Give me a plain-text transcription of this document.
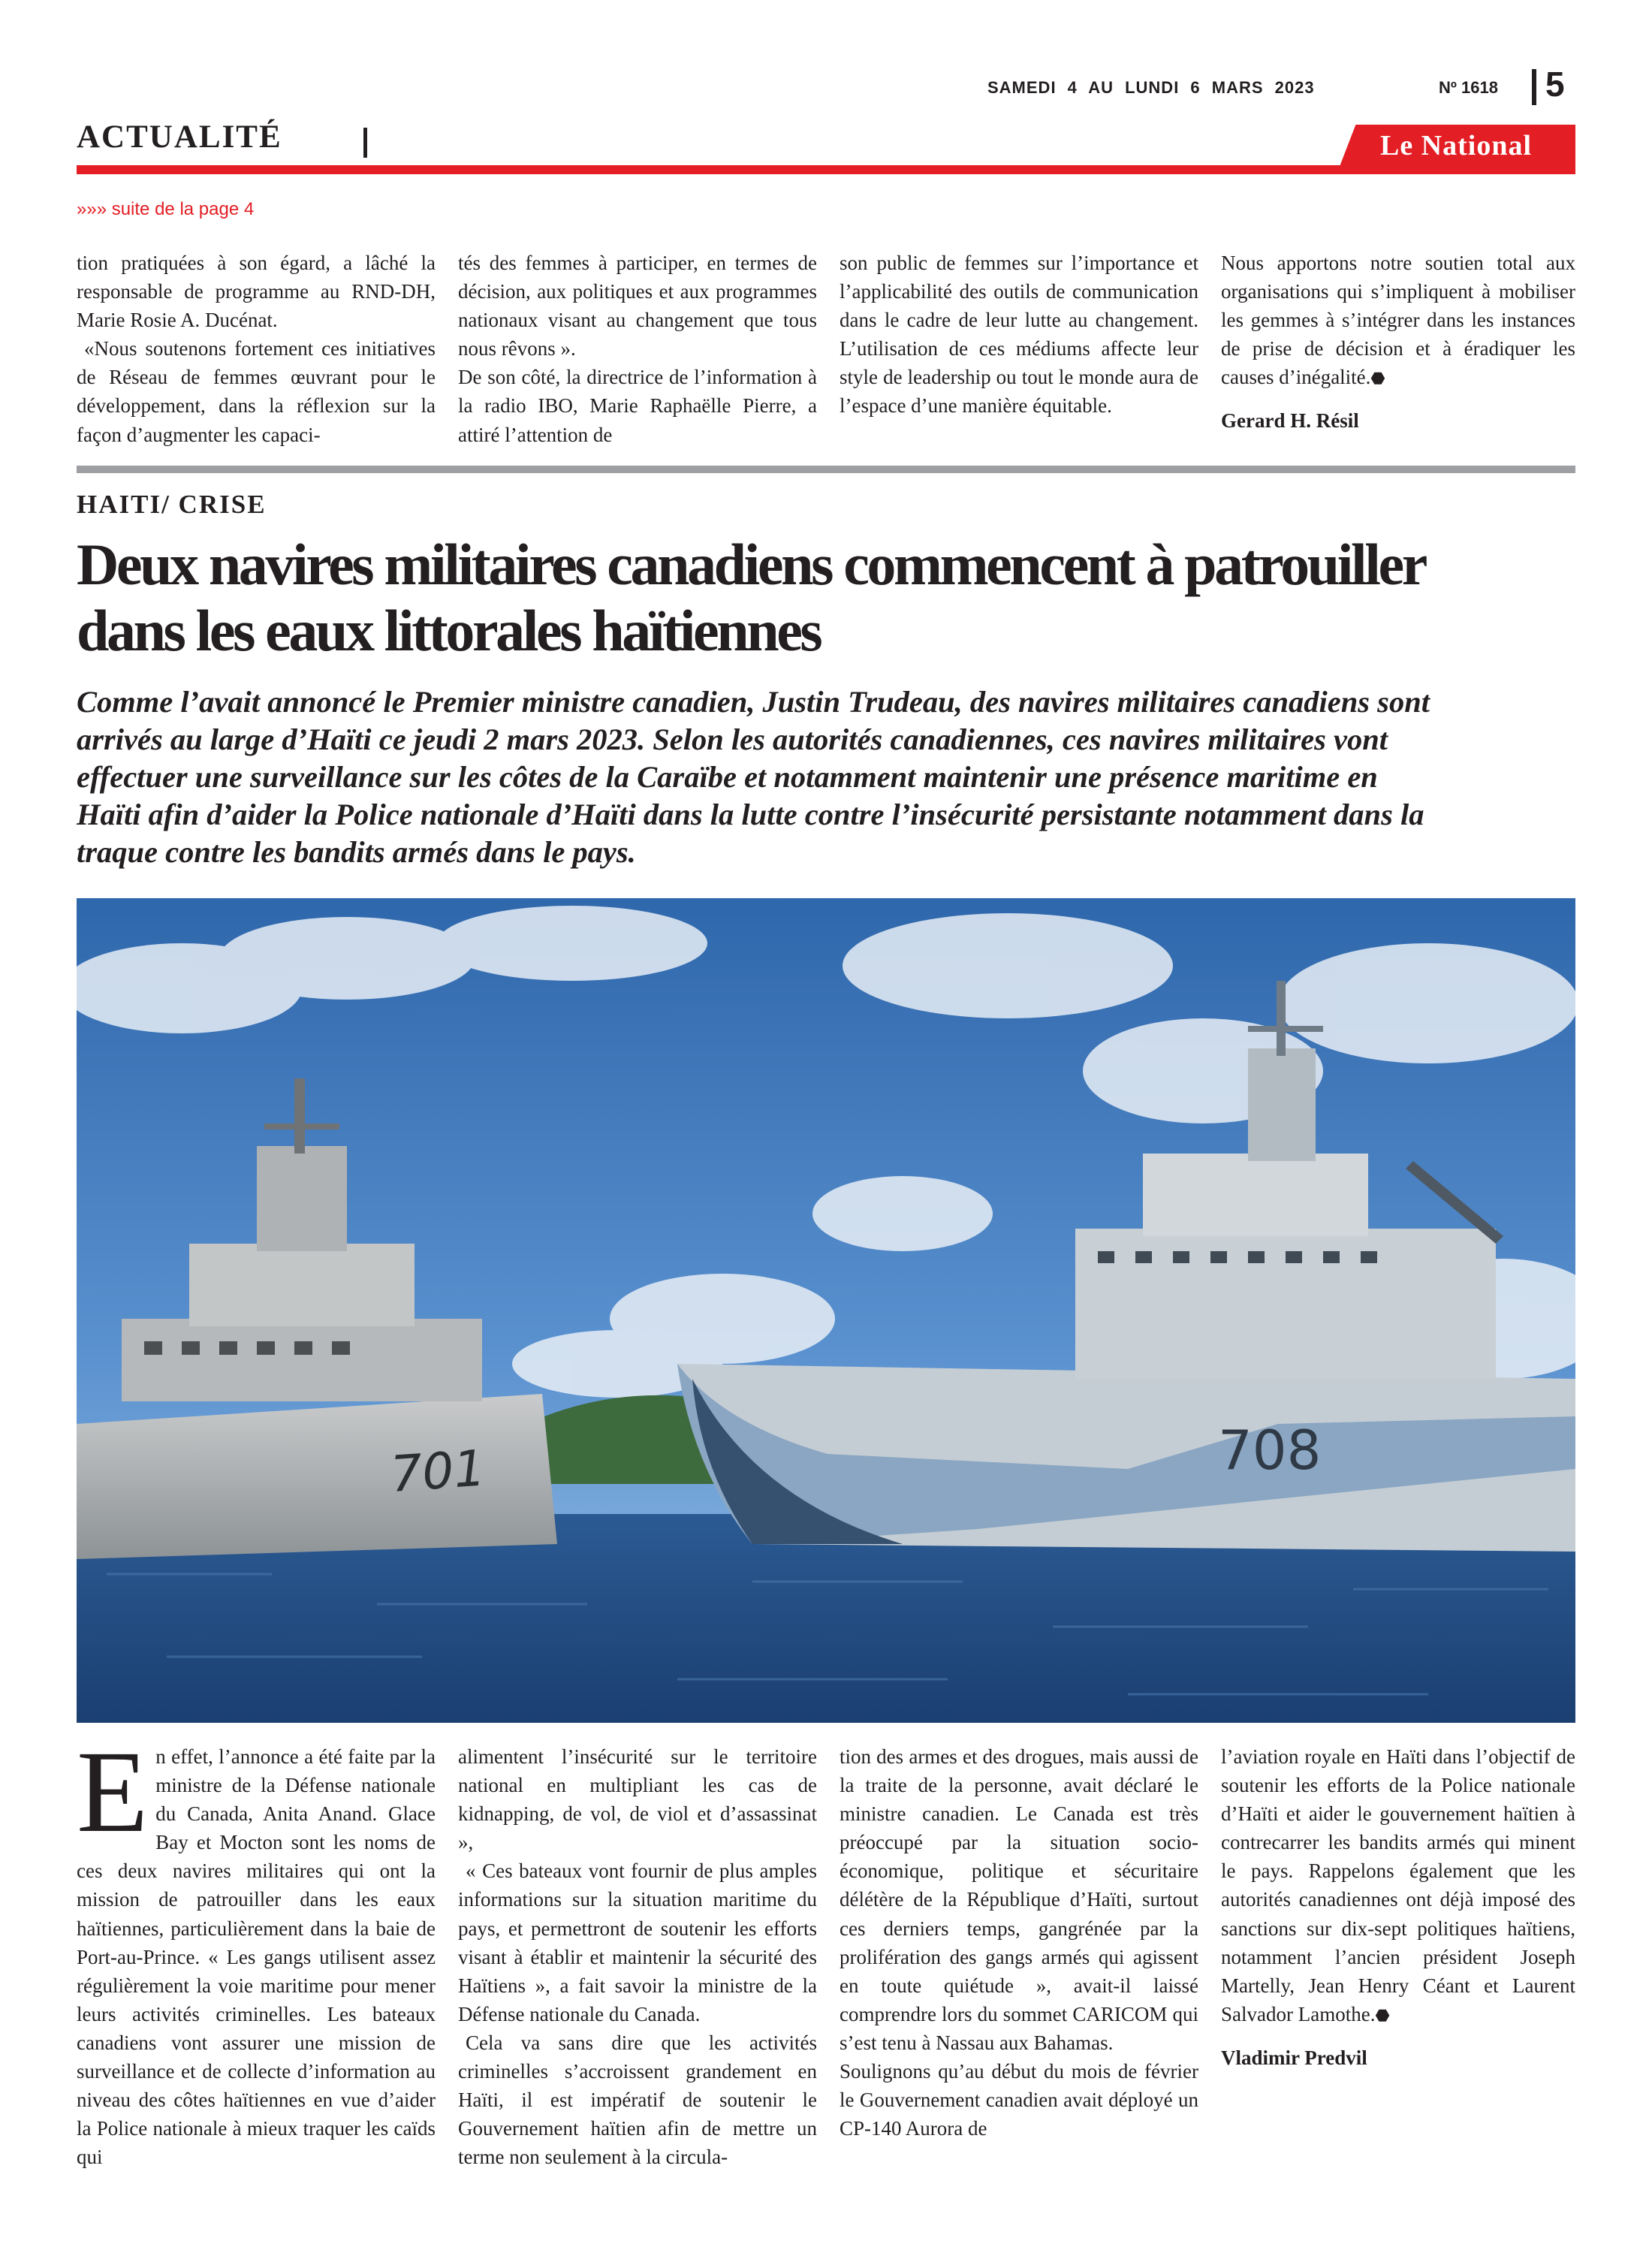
SAMEDI 4 AU LUNDI 6 MARS 2023	Nº 1618 5
ACTUALITÉ	Le National
»»» suite de la page 4

tion pratiquées à son égard, a lâché la responsable de programme au RND-DH, Marie Rosie A. Ducénat.

«Nous soutenons fortement ces initiatives de Réseau de femmes œuvrant pour le développement, dans la réflexion sur la façon d’augmenter les capaci-

tés des femmes à participer, en termes de décision, aux politiques et aux programmes nationaux visant au changement que tous nous rêvons ».

De son côté, la directrice de l’information à la radio IBO, Marie Raphaëlle Pierre, a attiré l’attention de

son public de femmes sur l’importance et l’applicabilité des outils de communication dans le cadre de leur lutte au changement. L’utilisation de ces médiums affecte leur style de leadership ou tout le monde aura de l’espace d’une manière équitable.

Nous apportons notre soutien total aux organisations qui s’impliquent à mobiliser les gemmes à s’intégrer dans les instances de prise de décision et à éradiquer les causes d’inégalité.⬣

Gerard H. Résil

HAITI/ CRISE
Deux navires militaires canadiens commencent à patrouiller
dans les eaux littorales haïtiennes
Comme l’avait annoncé le Premier ministre canadien, Justin Trudeau, des navires militaires canadiens sont
arrivés au large d’Haïti ce jeudi 2 mars 2023. Selon les autorités canadiennes, ces navires militaires vont
effectuer une surveillance sur les côtes de la Caraïbe et notamment maintenir une présence maritime en
Haïti afin d’aider la Police nationale d’Haïti dans la lutte contre l’insécurité persistante notamment dans la
traque contre les bandits armés dans le pays.
701	708

En effet, l’annonce a été faite par la ministre de la Défense nationale du Canada, Anita Anand. Glace Bay et Mocton sont les noms de ces deux navires militaires qui ont la mission de patrouiller dans les eaux haïtiennes, particulièrement dans la baie de Port-au-Prince. « Les gangs utilisent assez régulièrement la voie maritime pour mener leurs activités criminelles. Les bateaux canadiens vont assurer une mission de surveillance et de collecte d’information au niveau des côtes haïtiennes en vue d’aider la Police nationale à mieux traquer les caïds qui

alimentent l’insécurité sur le territoire national en multipliant les cas de kidnapping, de vol, de viol et d’assassinat »,

« Ces bateaux vont fournir de plus amples informations sur la situation maritime du pays, et permettront de soutenir les efforts visant à établir et maintenir la sécurité des Haïtiens », a fait savoir la ministre de la Défense nationale du Canada.

Cela va sans dire que les activités criminelles s’accroissent grandement en Haïti, il est impératif de soutenir le Gouvernement haïtien afin de mettre un terme non seulement à la circula-

tion des armes et des drogues, mais aussi de la traite de la personne, avait déclaré le ministre canadien. Le Canada est très préoccupé par la situation socio-économique, politique et sécuritaire délétère de la République d’Haïti, surtout ces derniers temps, gangrénée par la prolifération des gangs armés qui agissent en toute quiétude », avait-il laissé comprendre lors du sommet CARICOM qui s’est tenu à Nassau aux Bahamas.

Soulignons qu’au début du mois de février le Gouvernement canadien avait déployé un CP-140 Aurora de

l’aviation royale en Haïti dans l’objectif de soutenir les efforts de la Police nationale d’Haïti et aider le gouvernement haïtien à contrecarrer les bandits armés qui minent le pays. Rappelons également que les autorités canadiennes ont déjà imposé des sanctions sur dix-sept politiques haïtiens, notamment l’ancien président Joseph Martelly, Jean Henry Céant et Laurent Salvador Lamothe.⬣

Vladimir Predvil
